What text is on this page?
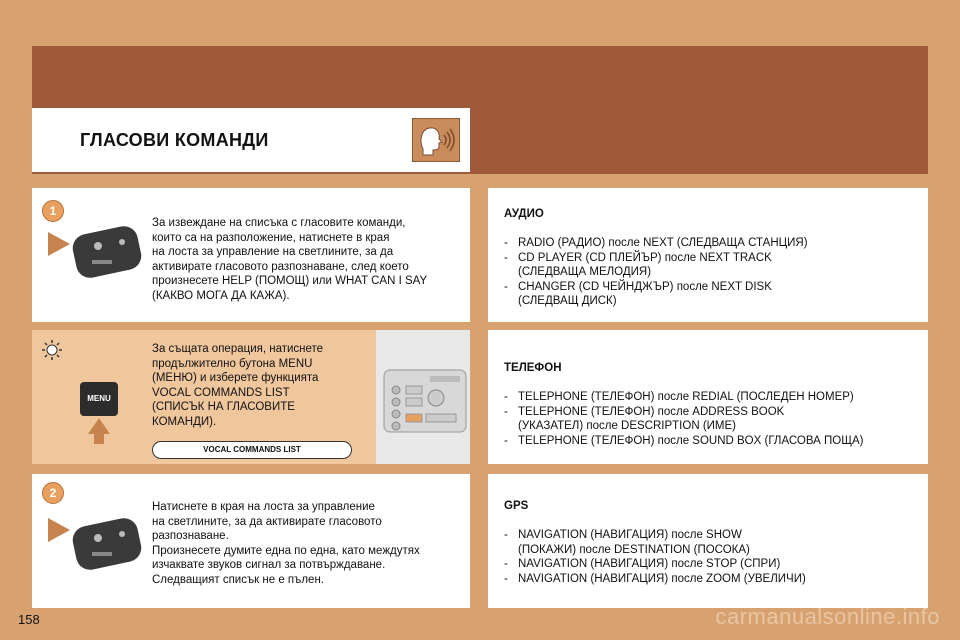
ГЛАСОВИ КОМАНДИ
1
За извеждане на списъка с гласовите команди,
които са на разположение, натиснете в края
на лоста за управление на светлините, за да
активирате гласовото разпознаване, след което
произнесете HELP (ПОМОЩ) или WHAT CAN I SAY
(КАКВО МОГА ДА КАЖА).
MENU
За същата операция, натиснете
продължително бутона MENU
(МЕНЮ) и изберете функцията
VOCAL COMMANDS LIST
(СПИСЪК НА ГЛАСОВИТЕ
КОМАНДИ).
VOCAL COMMANDS LIST
2
Натиснете в края на лоста за управление
на светлините, за да активирате гласовото
разпознаване.
Произнесете думите една по една, като междутях
изчаквате звуков сигнал за потвърждаване.
Следващият списък не е пълен.
АУДИО
- RADIO (РАДИО) после NEXT (СЛЕДВАЩА СТАНЦИЯ)
- CD PLAYER (CD ПЛЕЙЪР) после NEXT TRACK
(СЛЕДВАЩА МЕЛОДИЯ)
- CHANGER (CD ЧЕЙНДЖЪР) после NEXT DISK
(СЛЕДВАЩ ДИСК)
ТЕЛЕФОН
- TELEPHONE (ТЕЛЕФОН) после REDIAL (ПОСЛЕДЕН НОМЕР)
- TELEPHONE (ТЕЛЕФОН) после ADDRESS BOOK
(УКАЗАТЕЛ) после DESCRIPTION (ИМЕ)
- TELEPHONE (ТЕЛЕФОН) после SOUND BOX (ГЛАСОВА ПОЩА)
GPS
- NAVIGATION (НАВИГАЦИЯ) после SHOW
(ПОКАЖИ) после DESTINATION (ПОСОКА)
- NAVIGATION (НАВИГАЦИЯ) после STOP (СПРИ)
- NAVIGATION (НАВИГАЦИЯ) после ZOOM (УВЕЛИЧИ)
158	carmanualsonline.info
